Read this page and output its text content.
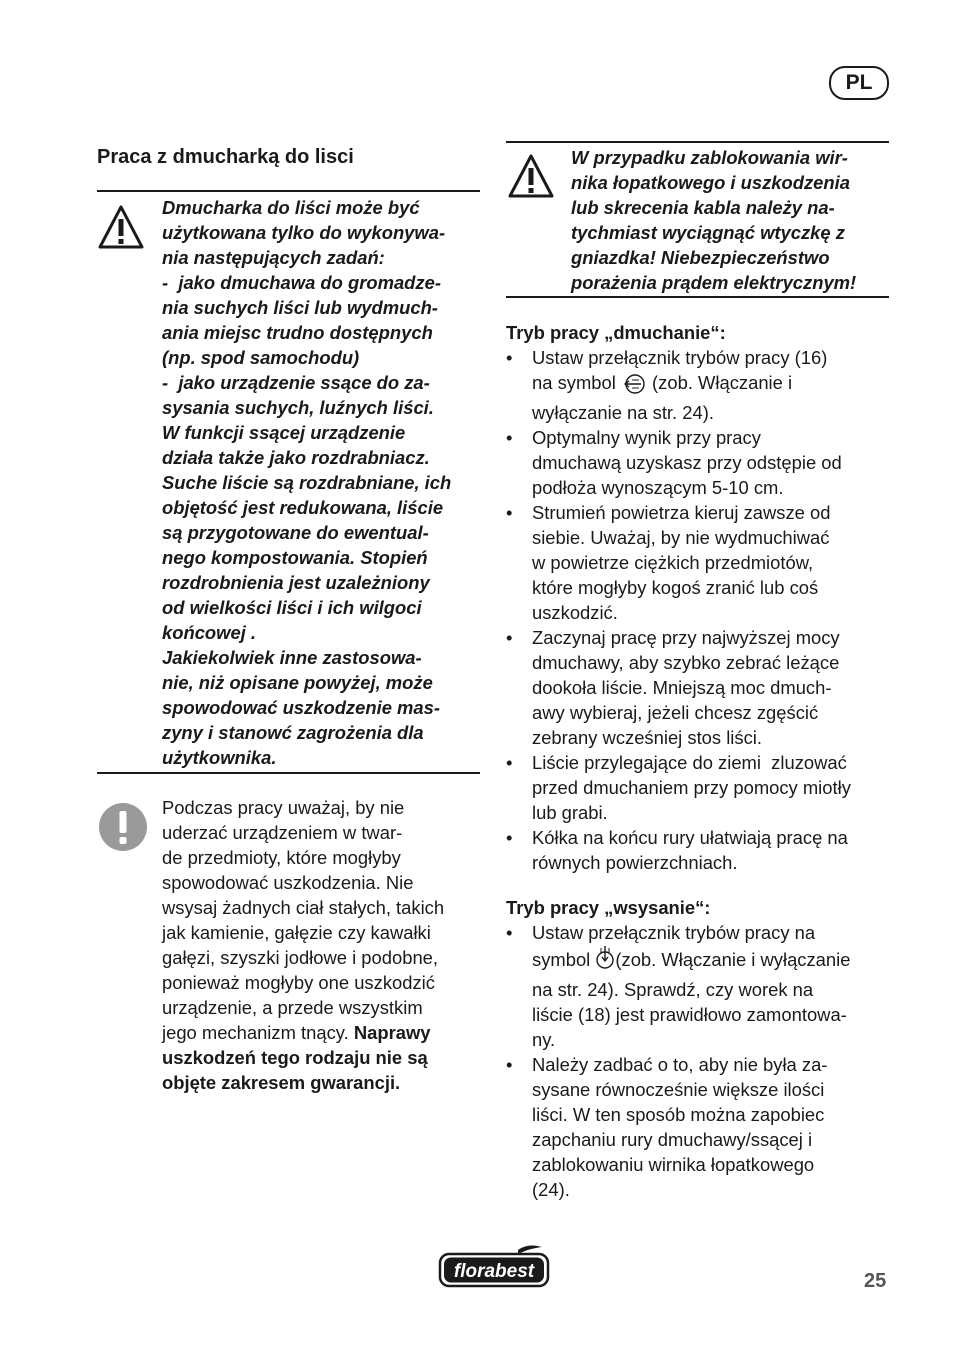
PL
Praca z dmucharką do lisci
Dmucharka do liści może być
użytkowana tylko do wykonywa-
nia następujących zadań:
-  jako dmuchawa do gromadze-
nia suchych liści lub wydmuch-
ania miejsc trudno dostępnych
(np. spod samochodu)
-  jako urządzenie ssące do za-
sysania suchych, luźnych liści.
W funkcji ssącej urządzenie
działa także jako rozdrabniacz.
Suche liście są rozdrabniane, ich
objętość jest redukowana, liście
są przygotowane do ewentual-
nego kompostowania. Stopień
rozdrobnienia jest uzależniony
od wielkości liści i ich wilgoci
końcowej .
Jakiekolwiek inne zastosowa-
nie, niż opisane powyżej, może
spowodować uszkodzenie mas-
zyny i stanowć zagrożenia dla
użytkownika.
Podczas pracy uważaj, by nie
uderzać urządzeniem w twar-
de przedmioty, które mogłyby
spowodować uszkodzenia. Nie
wsysaj żadnych ciał stałych, takich
jak kamienie, gałęzie czy kawałki
gałęzi, szyszki jodłowe i podobne,
ponieważ mogłyby one uszkodzić
urządzenie, a przede wszystkim
jego mechanizm tnący. Naprawy
uszkodzeń tego rodzaju nie są
objęte zakresem gwarancji.
W przypadku zablokowania wir-
nika łopatkowego i uszkodzenia
lub skrecenia kabla należy na-
tychmiast wyciągnąć wtyczkę z
gniazdka! Niebezpieczeństwo
porażenia prądem elektrycznym!
Tryb pracy „dmuchanie“:
• Ustaw przełącznik trybów pracy (16)
na symbol  (zob. Włączanie i
wyłączanie na str. 24).
• Optymalny wynik przy pracy
dmuchawą uzyskasz przy odstępie od
podłoża wynoszącym 5-10 cm.
• Strumień powietrza kieruj zawsze od
siebie. Uważaj, by nie wydmuchiwać
w powietrze ciężkich przedmiotów,
które mogłyby kogoś zranić lub coś
uszkodzić.
• Zaczynaj pracę przy najwyższej mocy
dmuchawy, aby szybko zebrać leżące
dookoła liście. Mniejszą moc dmuch-
awy wybieraj, jeżeli chcesz zgęścić
zebrany wcześniej stos liści.
• Liście przylegające do ziemi  zluzować
przed dmuchaniem przy pomocy miotły
lub grabi.
• Kółka na końcu rury ułatwiają pracę na
równych powierzchniach.
Tryb pracy „wsysanie“:
• Ustaw przełącznik trybów pracy na
symbol (zob. Włączanie i wyłączanie
na str. 24). Sprawdź, czy worek na
liście (18) jest prawidłowo zamontowa-
ny.
• Należy zadbać o to, aby nie była za-
sysane równocześnie większe ilości
liści. W ten sposób można zapobiec
zapchaniu rury dmuchawy/ssącej i
zablokowaniu wirnika łopatkowego
(24).
florabest	25
